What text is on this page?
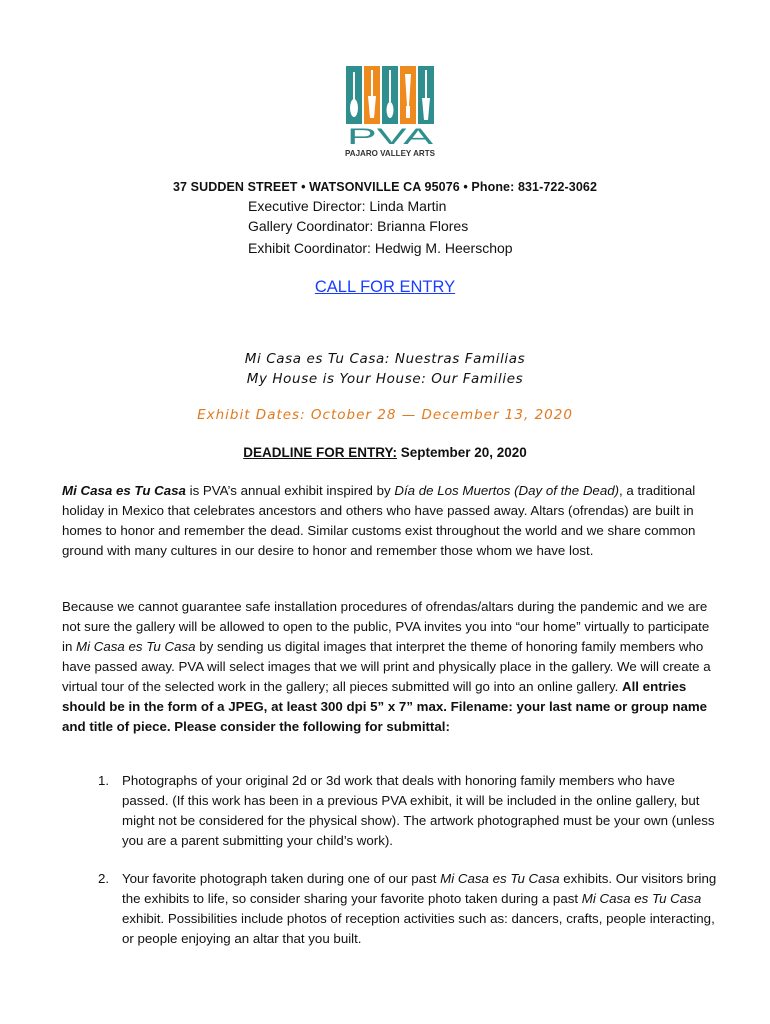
PVA
PAJARO VALLEY ARTS
37 SUDDEN STREET • WATSONVILLE CA 95076 • Phone: 831-722-3062
Executive Director: Linda Martin
Gallery Coordinator: Brianna Flores
Exhibit Coordinator: Hedwig M. Heerschop
CALL FOR ENTRY
Mi Casa es Tu Casa: Nuestras Familias
My House is Your House: Our Families
Exhibit Dates: October 28 — December 13, 2020
DEADLINE FOR ENTRY: September 20, 2020

Mi Casa es Tu Casa is PVA’s annual exhibit inspired by Día de Los Muertos (Day of the Dead), a traditional holiday in Mexico that celebrates ancestors and others who have passed away. Altars (ofrendas) are built in homes to honor and remember the dead. Similar customs exist throughout the world and we share common ground with many cultures in our desire to honor and remember those whom we have lost.

Because we cannot guarantee safe installation procedures of ofrendas/altars during the pandemic and we are not sure the gallery will be allowed to open to the public, PVA invites you into “our home” virtually to participate in Mi Casa es Tu Casa by sending us digital images that interpret the theme of honoring family members who have passed away. PVA will select images that we will print and physically place in the gallery. We will create a virtual tour of the selected work in the gallery; all pieces submitted will go into an online gallery. All entries should be in the form of a JPEG, at least 300 dpi 5” x 7” max. Filename: your last name or group name and title of piece. Please consider the following for submittal:

1. Photographs of your original 2d or 3d work that deals with honoring family members who have passed. (If this work has been in a previous PVA exhibit, it will be included in the online gallery, but might not be considered for the physical show). The artwork photographed must be your own (unless you are a parent submitting your child’s work).
2. Your favorite photograph taken during one of our past Mi Casa es Tu Casa exhibits. Our visitors bring the exhibits to life, so consider sharing your favorite photo taken during a past Mi Casa es Tu Casa exhibit. Possibilities include photos of reception activities such as: dancers, crafts, people interacting, or people enjoying an altar that you built.
